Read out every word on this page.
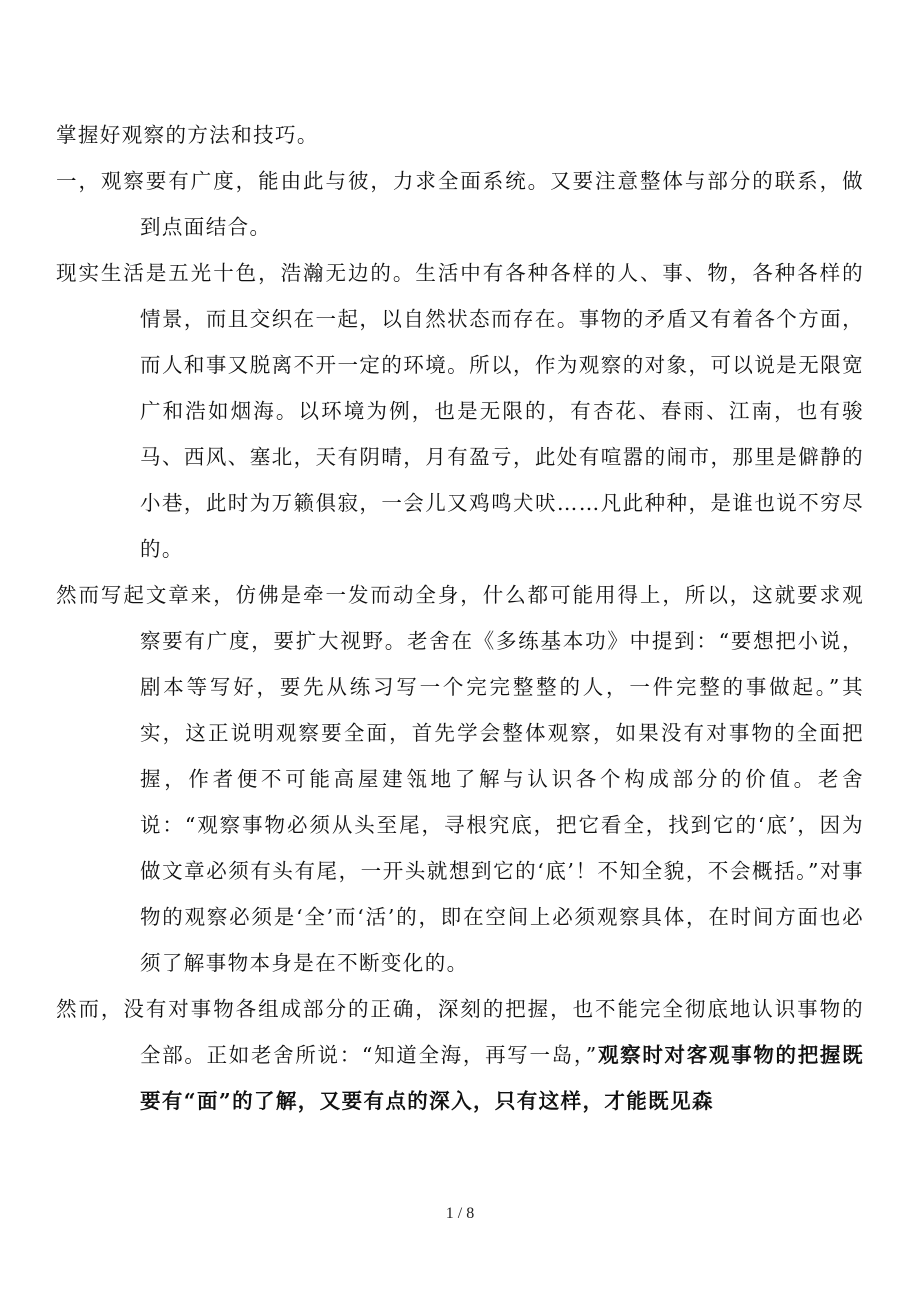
掌握好观察的方法和技巧。

一，观察要有广度，能由此与彼，力求全面系统。又要注意整体与部分的联系，做到点面结合。

现实生活是五光十色，浩瀚无边的。生活中有各种各样的人、事、物，各种各样的情景，而且交织在一起，以自然状态而存在。事物的矛盾又有着各个方面，而人和事又脱离不开一定的环境。所以，作为观察的对象，可以说是无限宽广和浩如烟海。以环境为例，也是无限的，有杏花、春雨、江南，也有骏马、西风、塞北，天有阴晴，月有盈亏，此处有喧嚣的闹市，那里是僻静的小巷，此时为万籁俱寂，一会儿又鸡鸣犬吠……凡此种种，是谁也说不穷尽的。

然而写起文章来，仿佛是牵一发而动全身，什么都可能用得上，所以，这就要求观察要有广度，要扩大视野。老舍在《多练基本功》中提到：“要想把小说，剧本等写好，要先从练习写一个完完整整的人，一件完整的事做起。”其实，这正说明观察要全面，首先学会整体观察，如果没有对事物的全面把握，作者便不可能高屋建瓴地了解与认识各个构成部分的价值。老舍说：“观察事物必须从头至尾，寻根究底，把它看全，找到它的‘底’，因为做文章必须有头有尾，一开头就想到它的‘底’！不知全貌，不会概括。”对事物的观察必须是‘全’而‘活’的，即在空间上必须观察具体，在时间方面也必须了解事物本身是在不断变化的。

然而，没有对事物各组成部分的正确，深刻的把握，也不能完全彻底地认识事物的全部。正如老舍所说：“知道全海，再写一岛，”观察时对客观事物的把握既要有“面”的了解，又要有点的深入，只有这样，才能既见森

1 / 8
